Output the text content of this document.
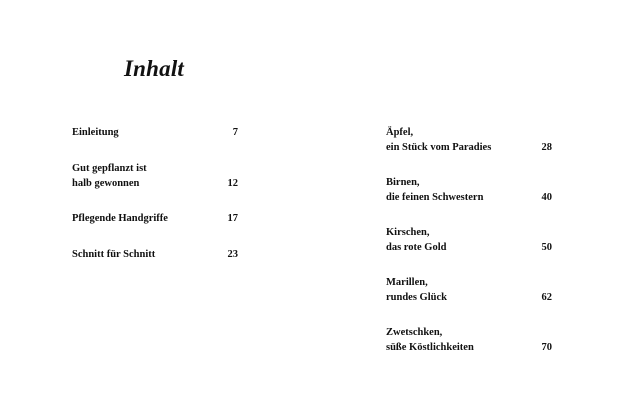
Inhalt
Einleitung	7
Gut gepflanzt ist
halb gewonnen	12
Pflegende Handgriffe	17
Schnitt für Schnitt	23
Äpfel,
ein Stück vom Paradies	28
Birnen,
die feinen Schwestern	40
Kirschen,
das rote Gold	50
Marillen,
rundes Glück	62
Zwetschken,
süße Köstlichkeiten	70
